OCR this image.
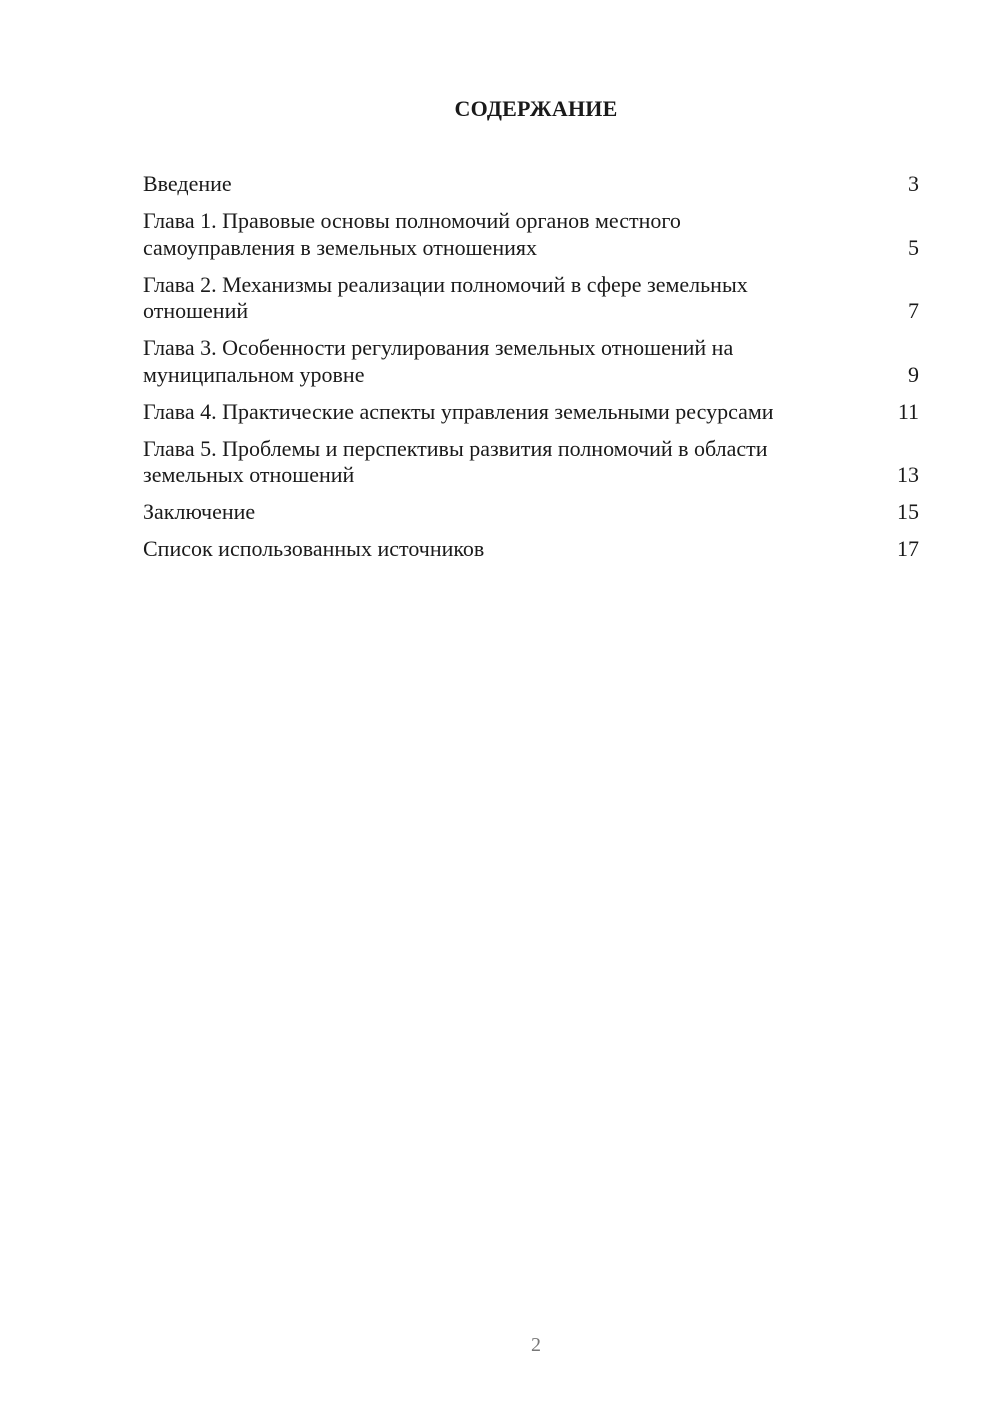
СОДЕРЖАНИЕ
Введение	3
Глава 1. Правовые основы полномочий органов местного самоуправления в земельных отношениях	5
Глава 2. Механизмы реализации полномочий в сфере земельных отношений	7
Глава 3. Особенности регулирования земельных отношений на муниципальном уровне	9
Глава 4. Практические аспекты управления земельными ресурсами	11
Глава 5. Проблемы и перспективы развития полномочий в области земельных отношений	13
Заключение	15
Список использованных источников	17
2
